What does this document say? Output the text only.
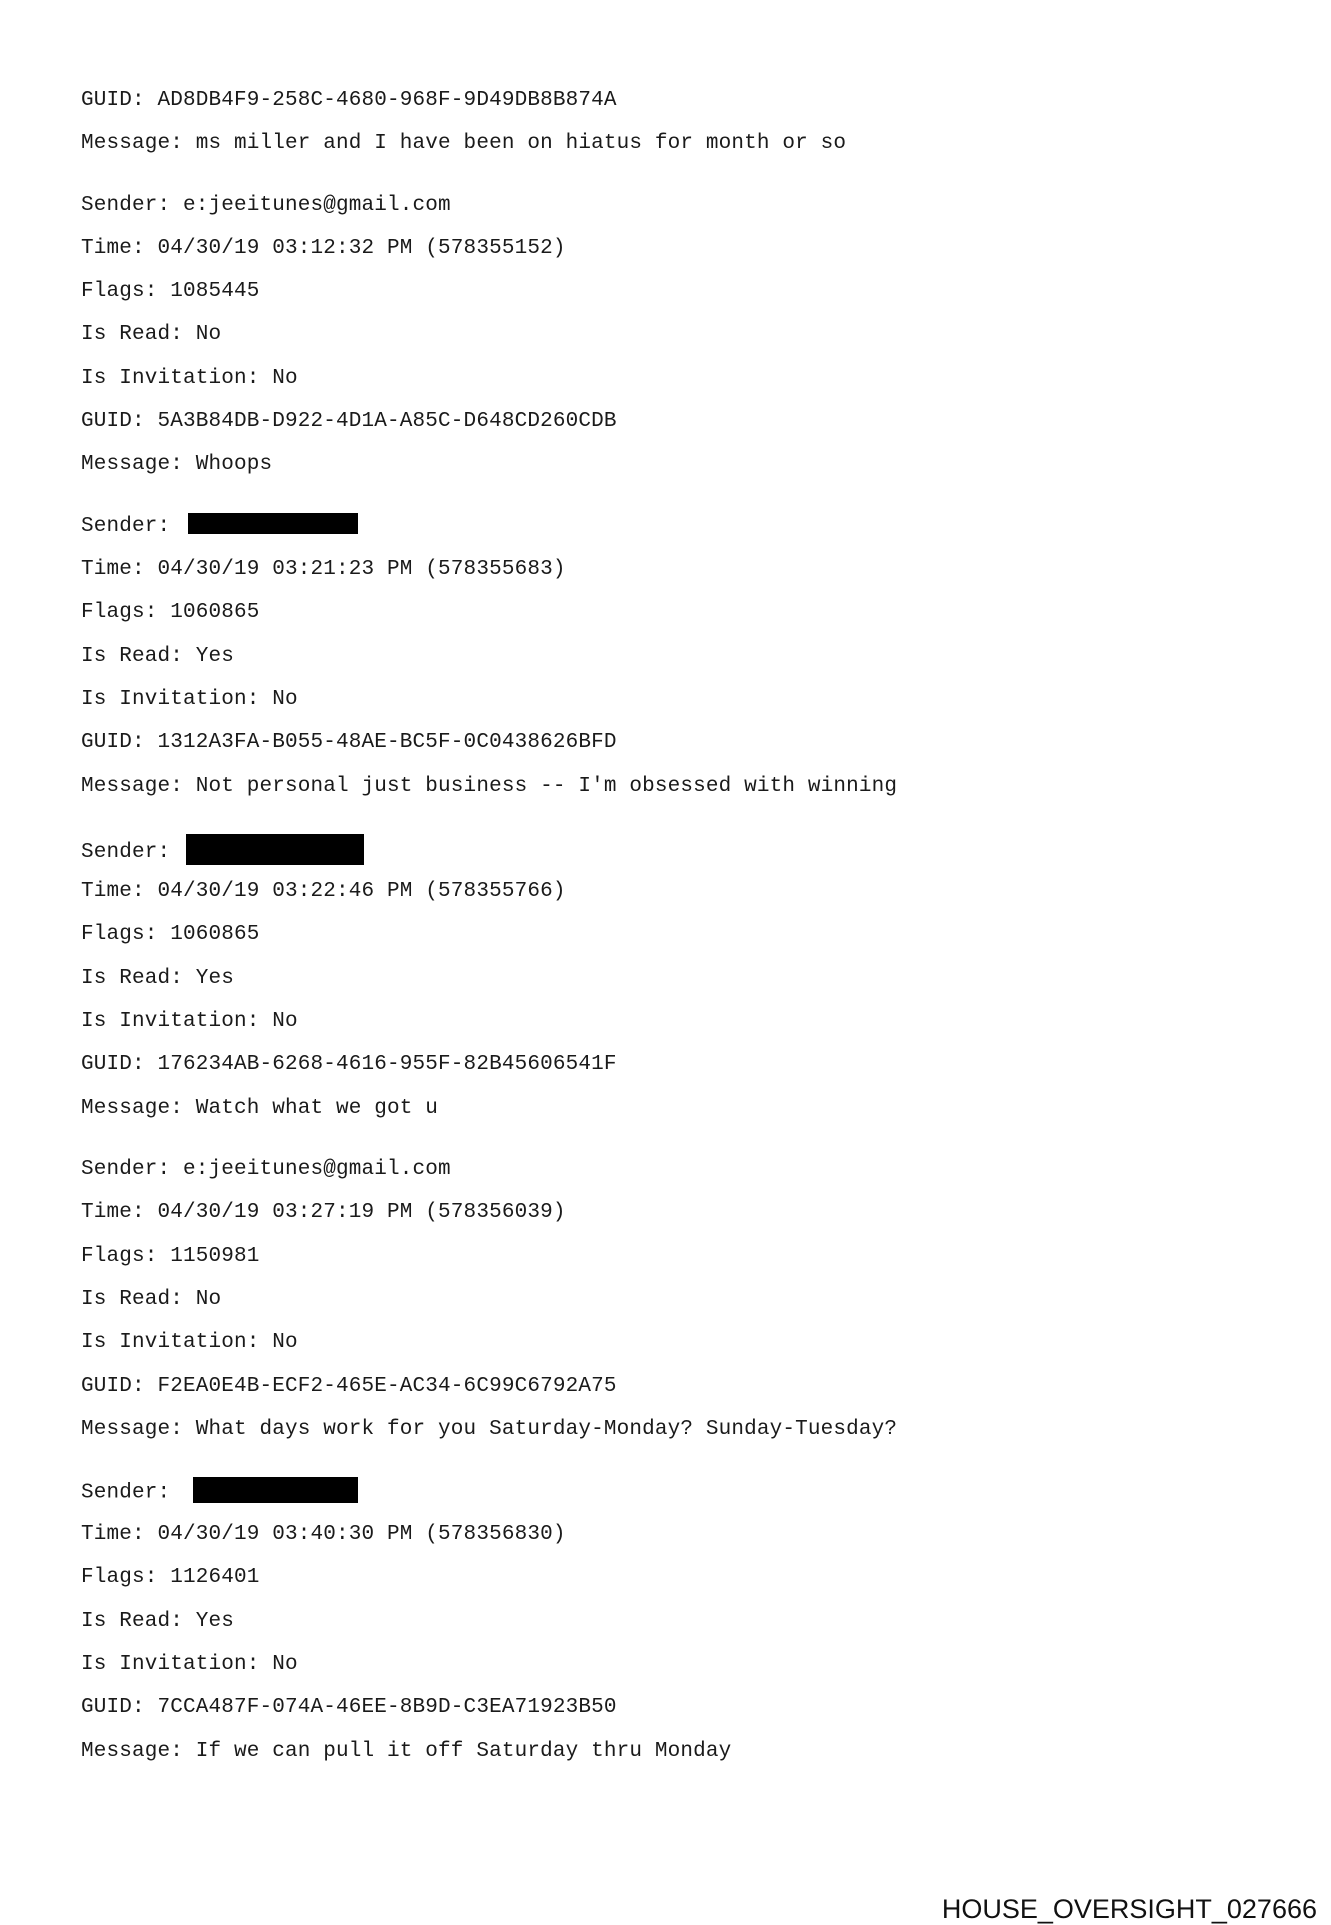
GUID: AD8DB4F9-258C-4680-968F-9D49DB8B874A

Message: ms miller and I have been on hiatus for month or so

Sender: e:jeeitunes@gmail.com

Time: 04/30/19 03:12:32 PM (578355152)

Flags: 1085445

Is Read: No

Is Invitation: No

GUID: 5A3B84DB-D922-4D1A-A85C-D648CD260CDB

Message: Whoops

Sender:

Time: 04/30/19 03:21:23 PM (578355683)

Flags: 1060865

Is Read: Yes

Is Invitation: No

GUID: 1312A3FA-B055-48AE-BC5F-0C0438626BFD

Message: Not personal just business -- I'm obsessed with winning

Sender:

Time: 04/30/19 03:22:46 PM (578355766)

Flags: 1060865

Is Read: Yes

Is Invitation: No

GUID: 176234AB-6268-4616-955F-82B45606541F

Message: Watch what we got u

Sender: e:jeeitunes@gmail.com

Time: 04/30/19 03:27:19 PM (578356039)

Flags: 1150981

Is Read: No

Is Invitation: No

GUID: F2EA0E4B-ECF2-465E-AC34-6C99C6792A75

Message: What days work for you Saturday-Monday? Sunday-Tuesday?

Sender:

Time: 04/30/19 03:40:30 PM (578356830)

Flags: 1126401

Is Read: Yes

Is Invitation: No

GUID: 7CCA487F-074A-46EE-8B9D-C3EA71923B50

Message: If we can pull it off Saturday thru Monday

HOUSE_OVERSIGHT_027666
